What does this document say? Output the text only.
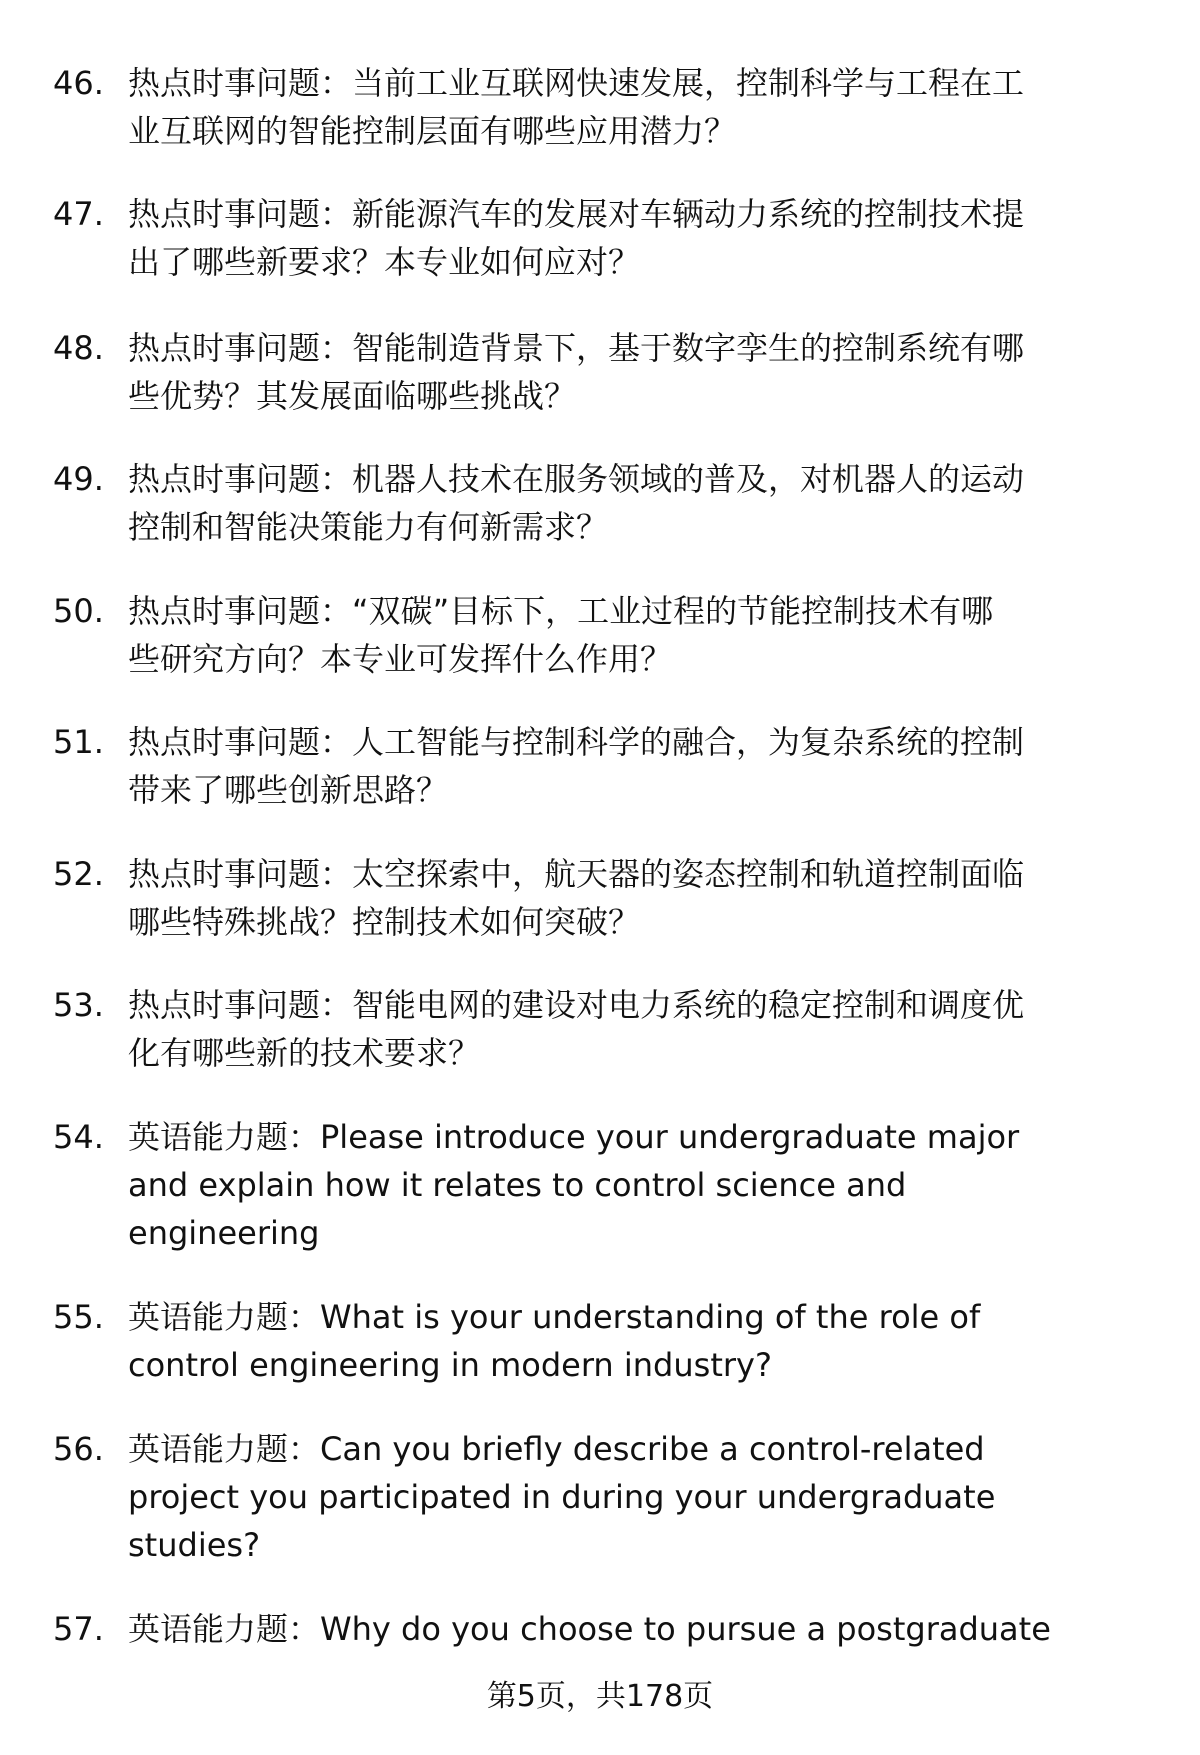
46. 热点时事问题：当前工业互联网快速发展，控制科学与工程在工
业互联网的智能控制层面有哪些应用潜力？
47. 热点时事问题：新能源汽车的发展对车辆动力系统的控制技术提
出了哪些新要求？本专业如何应对？
48. 热点时事问题：智能制造背景下，基于数字孪生的控制系统有哪
些优势？其发展面临哪些挑战？
49. 热点时事问题：机器人技术在服务领域的普及，对机器人的运动
控制和智能决策能力有何新需求？
50. 热点时事问题：“双碳”目标下，工业过程的节能控制技术有哪
些研究方向？本专业可发挥什么作用？
51. 热点时事问题：人工智能与控制科学的融合，为复杂系统的控制
带来了哪些创新思路？
52. 热点时事问题：太空探索中，航天器的姿态控制和轨道控制面临
哪些特殊挑战？控制技术如何突破？
53. 热点时事问题：智能电网的建设对电力系统的稳定控制和调度优
化有哪些新的技术要求？
54. 英语能力题：Please introduce your undergraduate major
and explain how it relates to control science and
engineering
55. 英语能力题：What is your understanding of the role of
control engineering in modern industry?
56. 英语能力题：Can you briefly describe a control-related
project you participated in during your undergraduate
studies?
57. 英语能力题：Why do you choose to pursue a postgraduate
第5页，共178页
